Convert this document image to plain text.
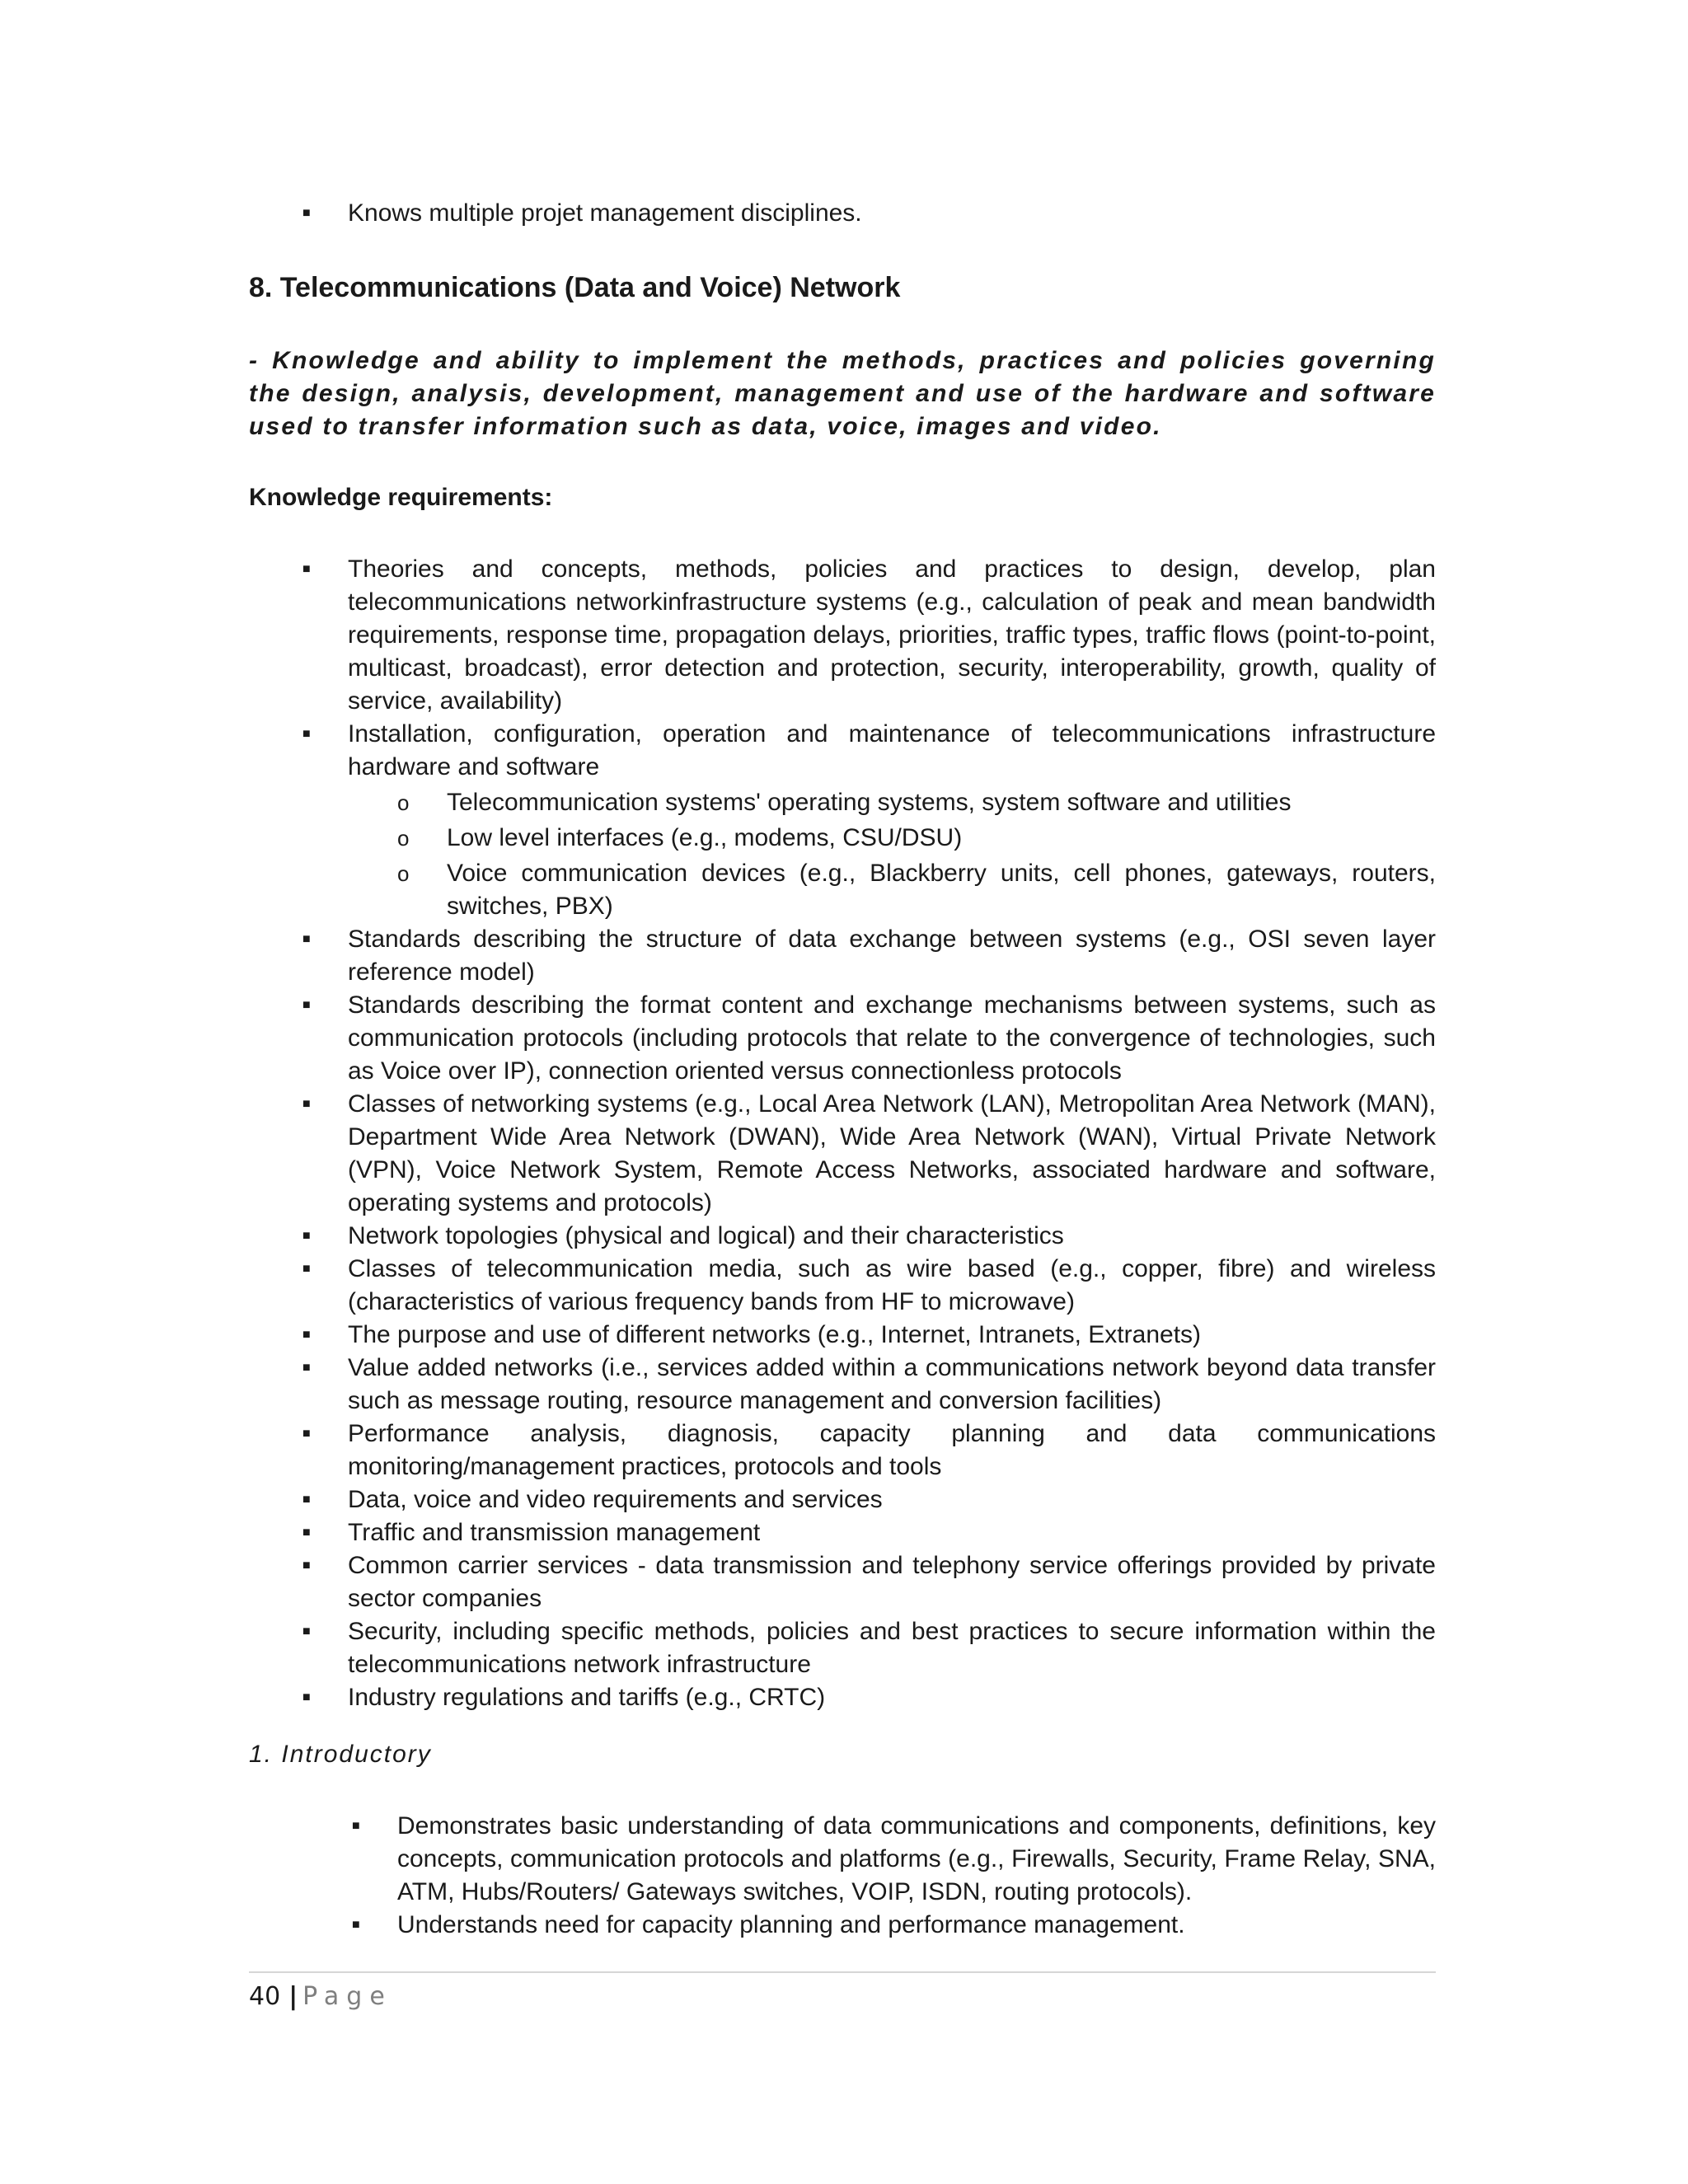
■	Knows multiple projet management disciplines.
8. Telecommunications (Data and Voice) Network

- Knowledge and ability to implement the methods, practices and policies governing the design, analysis, development, management and use of the hardware and software used to transfer information such as data, voice, images and video.

Knowledge requirements:

■	Theories and concepts, methods, policies and practices to design, develop, plan telecommunications networkinfrastructure systems (e.g., calculation of peak and mean bandwidth requirements, response time, propagation delays, priorities, traffic types, traffic flows (point-to-point, multicast, broadcast), error detection and protection, security, interoperability, growth, quality of service, availability)
■	Installation, configuration, operation and maintenance of telecommunications infrastructure hardware and software
o Telecommunication systems' operating systems, system software and utilities
o Low level interfaces (e.g., modems, CSU/DSU)
o Voice communication devices (e.g., Blackberry units, cell phones, gateways, routers, switches, PBX)
■	Standards describing the structure of data exchange between systems (e.g., OSI seven layer reference model)
■	Standards describing the format content and exchange mechanisms between systems, such as communication protocols (including protocols that relate to the convergence of technologies, such as Voice over IP), connection oriented versus connectionless protocols
■	Classes of networking systems (e.g., Local Area Network (LAN), Metropolitan Area Network (MAN), Department Wide Area Network (DWAN), Wide Area Network (WAN), Virtual Private Network (VPN), Voice Network System, Remote Access Networks, associated hardware and software, operating systems and protocols)
■	Network topologies (physical and logical) and their characteristics
■	Classes of telecommunication media, such as wire based (e.g., copper, fibre) and wireless (characteristics of various frequency bands from HF to microwave)
■	The purpose and use of different networks (e.g., Internet, Intranets, Extranets)
■	Value added networks (i.e., services added within a communications network beyond data transfer such as message routing, resource management and conversion facilities)
■	Performance analysis, diagnosis, capacity planning and data communications monitoring/management practices, protocols and tools
■	Data, voice and video requirements and services
■	Traffic and transmission management
■	Common carrier services - data transmission and telephony service offerings provided by private sector companies
■	Security, including specific methods, policies and best practices to secure information within the telecommunications network infrastructure
■	Industry regulations and tariffs (e.g., CRTC)

1. Introductory

■	Demonstrates basic understanding of data communications and components, definitions, key concepts, communication protocols and platforms (e.g., Firewalls, Security, Frame Relay, SNA, ATM, Hubs/Routers/ Gateways switches, VOIP, ISDN, routing protocols).
■	Understands need for capacity planning and performance management.
40 | Page
